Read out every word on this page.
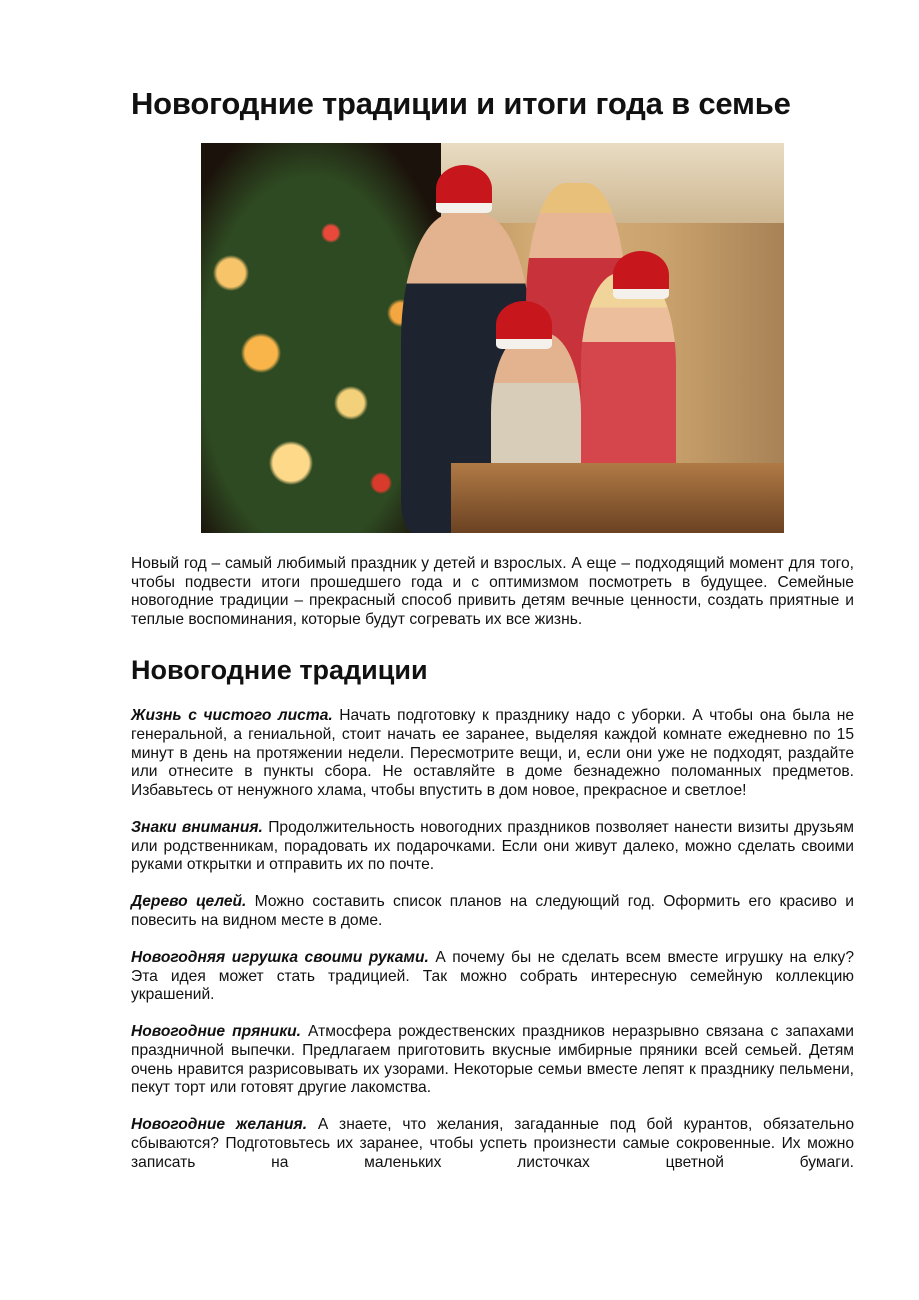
Новогодние традиции и итоги года в семье

Новый год – самый любимый праздник у детей и взрослых. А еще – подходящий момент для того, чтобы подвести итоги прошедшего года и с оптимизмом посмотреть в будущее. Семейные новогодние традиции – прекрасный способ привить детям вечные ценности, создать приятные и теплые воспоминания, которые будут согревать их все жизнь.

Новогодние традиции

Жизнь с чистого листа. Начать подготовку к празднику надо с уборки. А чтобы она была не генеральной, а гениальной, стоит начать ее заранее, выделяя каждой комнате ежедневно по 15 минут в день на протяжении недели. Пересмотрите вещи, и, если они уже не подходят, раздайте или отнесите в пункты сбора. Не оставляйте в доме безнадежно поломанных предметов. Избавьтесь от ненужного хлама, чтобы впустить в дом новое, прекрасное и светлое!

Знаки внимания. Продолжительность новогодних праздников позволяет нанести визиты друзьям или родственникам, порадовать их подарочками. Если они живут далеко, можно сделать своими руками открытки и отправить их по почте.

Дерево целей. Можно составить список планов на следующий год. Оформить его красиво и повесить на видном месте в доме.

Новогодняя игрушка своими руками. А почему бы не сделать всем вместе игрушку на елку? Эта идея может стать традицией. Так можно собрать интересную семейную коллекцию украшений.

Новогодние пряники. Атмосфера рождественских праздников неразрывно связана с запахами праздничной выпечки. Предлагаем приготовить вкусные имбирные пряники всей семьей. Детям очень нравится разрисовывать их узорами. Некоторые семьи вместе лепят к празднику пельмени, пекут торт или готовят другие лакомства.

Новогодние желания. А знаете, что желания, загаданные под бой курантов, обязательно сбываются? Подготовьтесь их заранее, чтобы успеть произнести самые сокровенные. Их можно записать на маленьких листочках цветной бумаги.
